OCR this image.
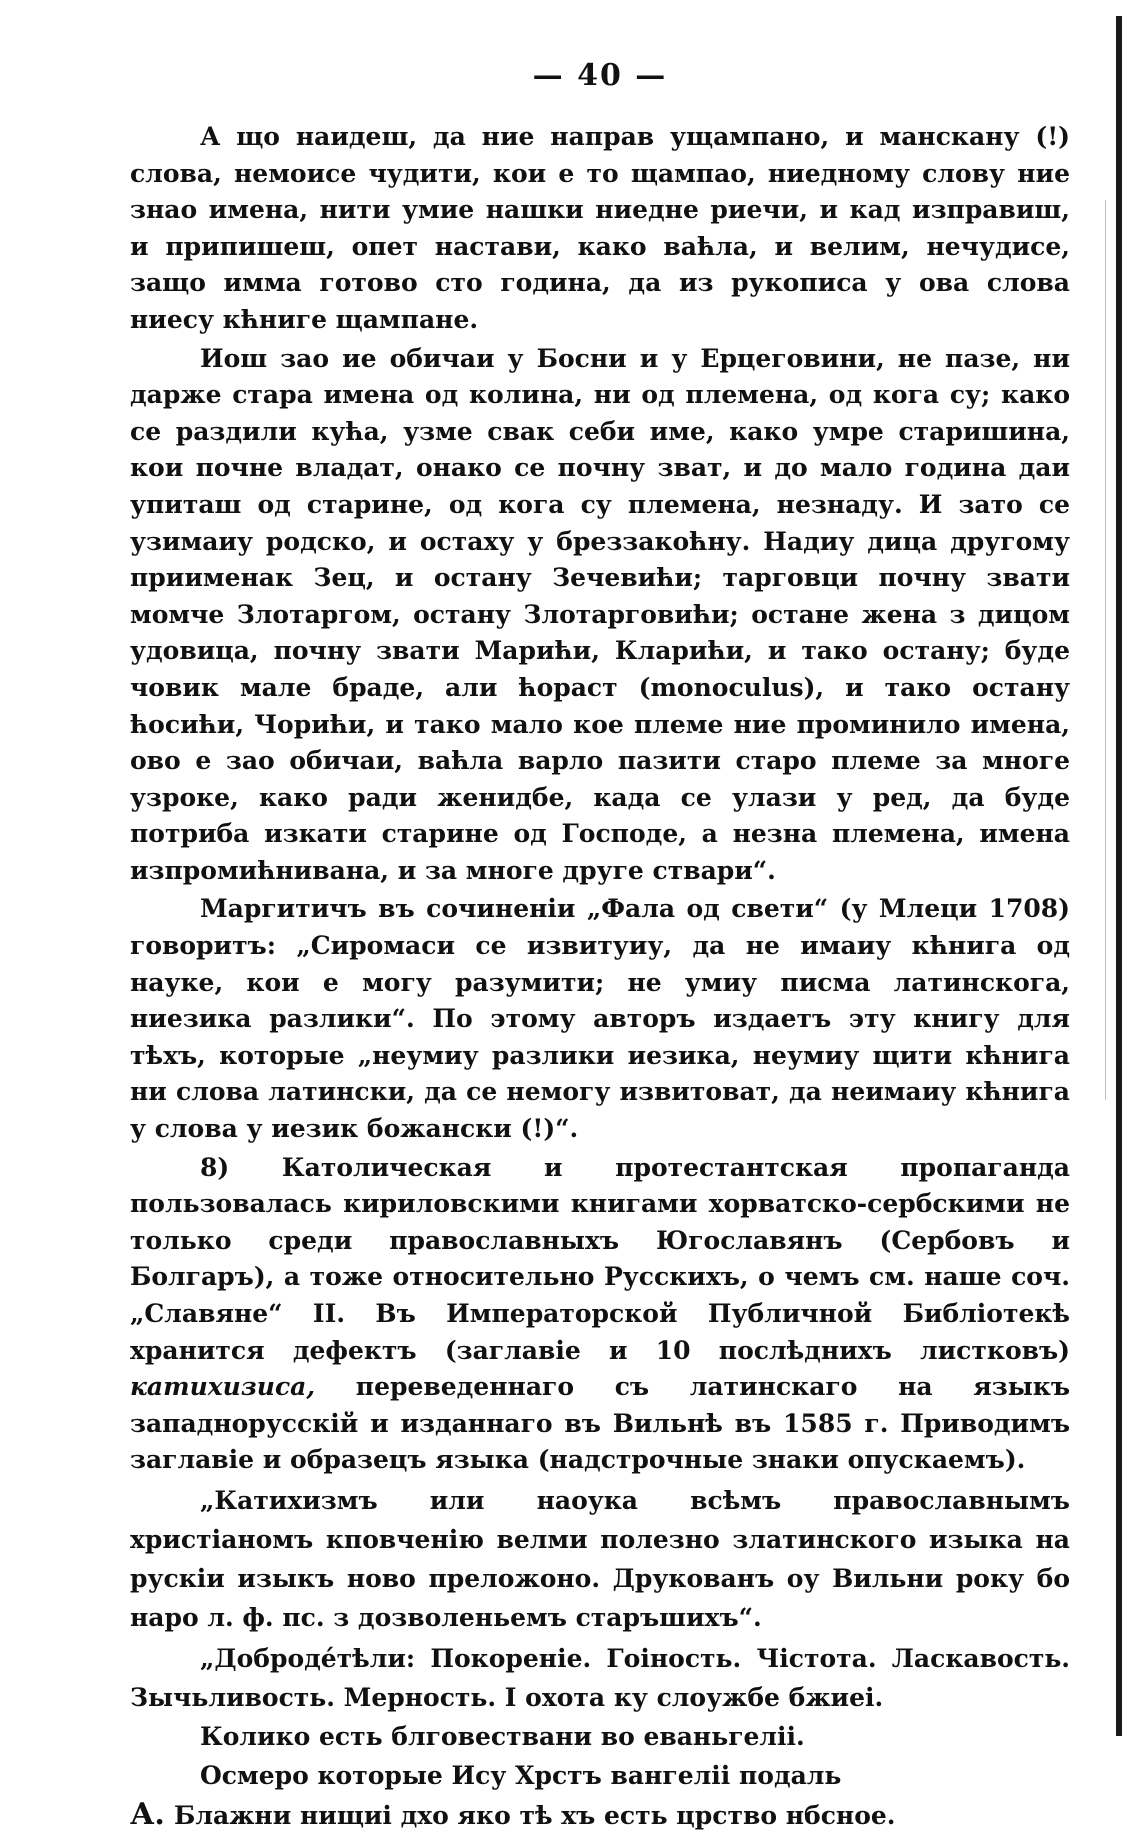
— 40 —

А що наидеш, да ние направ ущампано, и манскану (!) слова, немоисе чудити, кои е то щампао, ниедному слову ние знао имена, нити умие нашки ниедне риечи, и кад изправиш, и припишеш, опет настави, како ваћла, и велим, нечудисе, защо имма готово сто година, да из рукописа у ова слова ниесу кћниге щампане.

Иош зао ие обичаи у Босни и у Ерцеговини, не пазе, ни дарже стара имена од колина, ни од племена, од кога су; како се раздили кућа, узме свак себи име, како умре старишина, кои почне владат, онако се почну зват, и до мало година даи упиташ од старине, од кога су племена, незнаду. И зато се узимаиу родско, и остаху у бреззакоћну. Надиу дица другому приименак Зец, и остану Зечевићи; тарговци почну звати момче Злотаргом, остану Злотарговићи; остане жена з дицом удовица, почну звати Марићи, Кларићи, и тако остану; буде човик мале браде, али ћораст (monoculus), и тако остану ћосићи, Чорићи, и тако мало кое племе ние проминило имена, ово е зао обичаи, ваћла варло пазити старо племе за многе узроке, како ради женидбе, када се улази у ред, да буде потриба изкати старине од Господе, а незна племена, имена изпромићнивана, и за многе друге ствари“.

Маргитичъ въ сочиненіи „Фала од свети“ (у Млеци 1708) говоритъ: „Сиромаси се извитуиу, да не имаиу кћнига од науке, кои е могу разумити; не умиу писма латинскога, ниезика разлики“. По этому авторъ издаетъ эту книгу для тѣхъ, которые „неумиу разлики иезика, неумиу щити кћнига ни слова латински, да се немогу извитоват, да неимаиу кћнига у слова у иезик божански (!)“.

8) Католическая и протестантская пропаганда пользовалась кириловскими книгами хорватско-сербскими не только среди православныхъ Югославянъ (Сербовъ и Болгаръ), а тоже относительно Русскихъ, о чемъ см. наше соч. „Славяне“ II. Въ Императорской Публичной Библіотекѣ хранится дефектъ (заглавіе и 10 послѣднихъ листковъ) катихизиса, переведеннаго съ латинскаго на языкъ западнорусскій и изданнаго въ Вильнѣ въ 1585 г. Приводимъ заглавіе и образецъ языка (надстрочные знаки опускаемъ).

„Катихизмъ или наоука всѣмъ православнымъ христіаномъ кповченію велми полезно златинского изыка на рускіи изыкъ ново преложоно. Друкованъ оу Вильни року бо нарo л. ф. пс. з дозволеньемъ старъшихъ“.

„Доброде́тѣли: Покореніе. Гоіность. Чістота. Ласкавость. Зычьливость. Мерность. І охота ку слоужбе бжиеі.

Колико есть блговествани во еваньгеліі.

Осмеро которые Ису Хрстъ вангеліі подаль

А. Блажни нищиі дхо яко тѣ хъ есть црство нбсное.
